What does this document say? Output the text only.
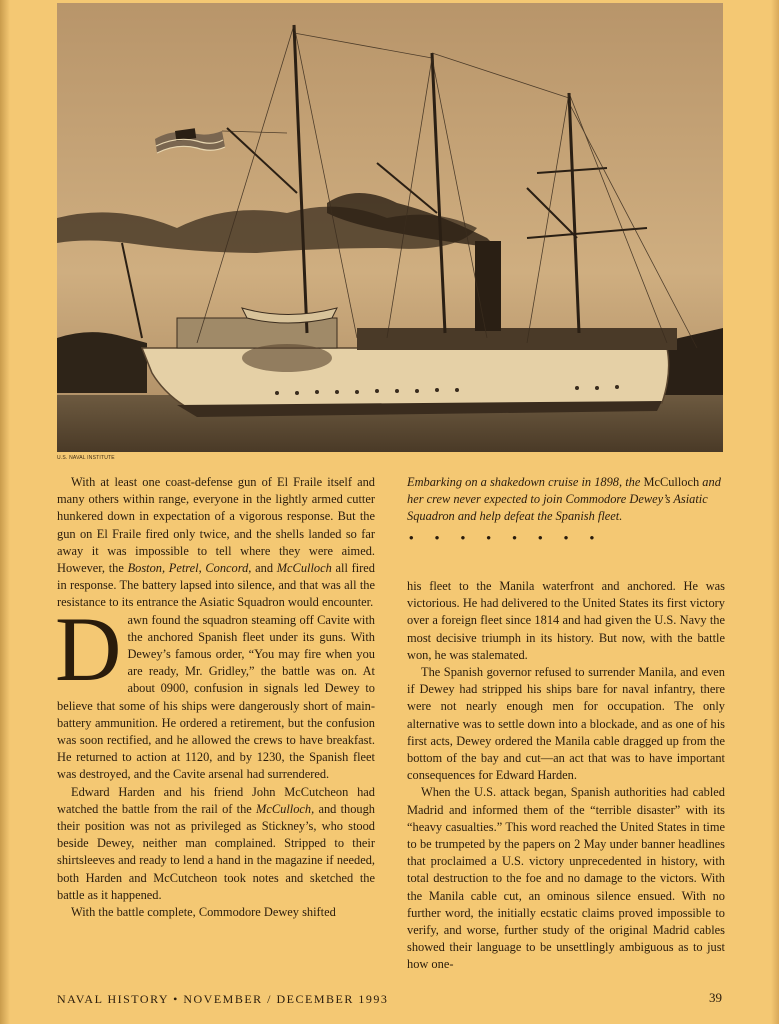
U.S. NAVAL INSTITUTE

With at least one coast-defense gun of El Fraile itself and many others within range, everyone in the lightly armed cutter hunkered down in expectation of a vigorous response. But the gun on El Fraile fired only twice, and the shells landed so far away it was impossible to tell where they were aimed. However, the Boston, Petrel, Concord, and McCulloch all fired in response. The battery lapsed into silence, and that was all the resistance to its entrance the Asiatic Squadron would encounter.

Dawn found the squadron steaming off Cavite with the anchored Spanish fleet under its guns. With Dewey’s famous order, “You may fire when you are ready, Mr. Gridley,” the battle was on. At about 0900, confusion in signals led Dewey to believe that some of his ships were dangerously short of main-battery ammunition. He ordered a retirement, but the confusion was soon rectified, and he allowed the crews to have breakfast. He returned to action at 1120, and by 1230, the Spanish fleet was destroyed, and the Cavite arsenal had surrendered.

Edward Harden and his friend John McCutcheon had watched the battle from the rail of the McCulloch, and though their position was not as privileged as Stickney’s, who stood beside Dewey, neither man complained. Stripped to their shirtsleeves and ready to lend a hand in the magazine if needed, both Harden and McCutcheon took notes and sketched the battle as it happened.

With the battle complete, Commodore Dewey shifted

Embarking on a shakedown cruise in 1898, the McCulloch and her crew never expected to join Commodore Dewey’s Asiatic Squadron and help defeat the Spanish fleet.
• • • • • • • •

his fleet to the Manila waterfront and anchored. He was victorious. He had delivered to the United States its first victory over a foreign fleet since 1814 and had given the U.S. Navy the most decisive triumph in its history. But now, with the battle won, he was stalemated.

The Spanish governor refused to surrender Manila, and even if Dewey had stripped his ships bare for naval infantry, there were not nearly enough men for occupation. The only alternative was to settle down into a blockade, and as one of his first acts, Dewey ordered the Manila cable dragged up from the bottom of the bay and cut—an act that was to have important consequences for Edward Harden.

When the U.S. attack began, Spanish authorities had cabled Madrid and informed them of the “terrible disaster” with its “heavy casualties.” This word reached the United States in time to be trumpeted by the papers on 2 May under banner headlines that proclaimed a U.S. victory unprecedented in history, with total destruction to the foe and no damage to the victors. With the Manila cable cut, an ominous silence ensued. With no further word, the initially ecstatic claims proved impossible to verify, and worse, further study of the original Madrid cables showed their language to be unsettlingly ambiguous as to just how one-

NAVAL HISTORY • NOVEMBER / DECEMBER 1993	39
